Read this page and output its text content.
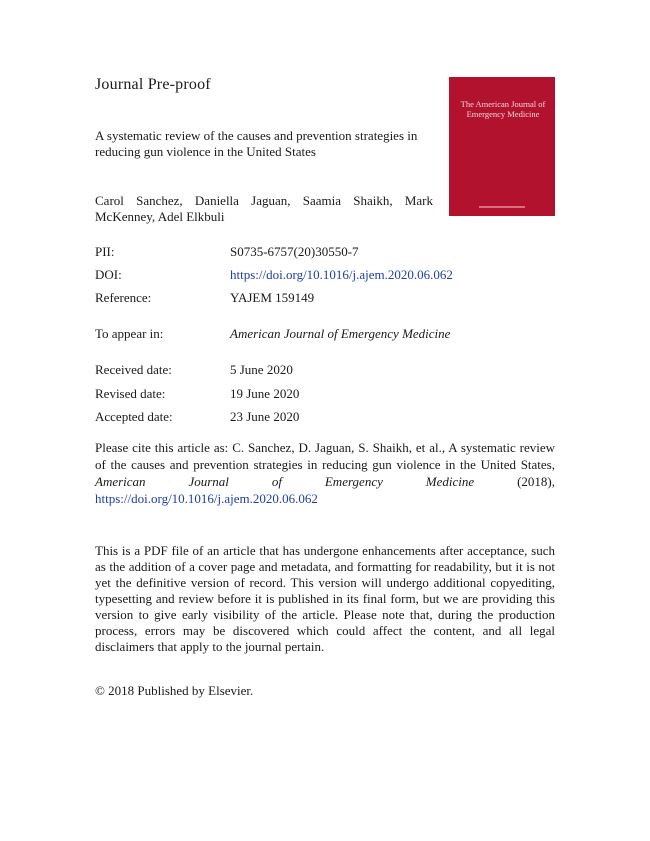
Journal Pre-proof
A systematic review of the causes and prevention strategies in reducing gun violence in the United States
Carol Sanchez, Daniella Jaguan, Saamia Shaikh, Mark McKenney, Adel Elkbuli
The American Journal of Emergency Medicine
PII:	S0735-6757(20)30550-7
DOI:	https://doi.org/10.1016/j.ajem.2020.06.062
Reference:	YAJEM 159149
To appear in:	American Journal of Emergency Medicine
Received date:	5 June 2020
Revised date:	19 June 2020
Accepted date:	23 June 2020
Please cite this article as: C. Sanchez, D. Jaguan, S. Shaikh, et al., A systematic review of the causes and prevention strategies in reducing gun violence in the United States, American Journal of Emergency Medicine	(2018), https://doi.org/10.1016/j.ajem.2020.06.062
This is a PDF file of an article that has undergone enhancements after acceptance, such as the addition of a cover page and metadata, and formatting for readability, but it is not yet the definitive version of record. This version will undergo additional copyediting, typesetting and review before it is published in its final form, but we are providing this version to give early visibility of the article. Please note that, during the production process, errors may be discovered which could affect the content, and all legal disclaimers that apply to the journal pertain.
© 2018 Published by Elsevier.
